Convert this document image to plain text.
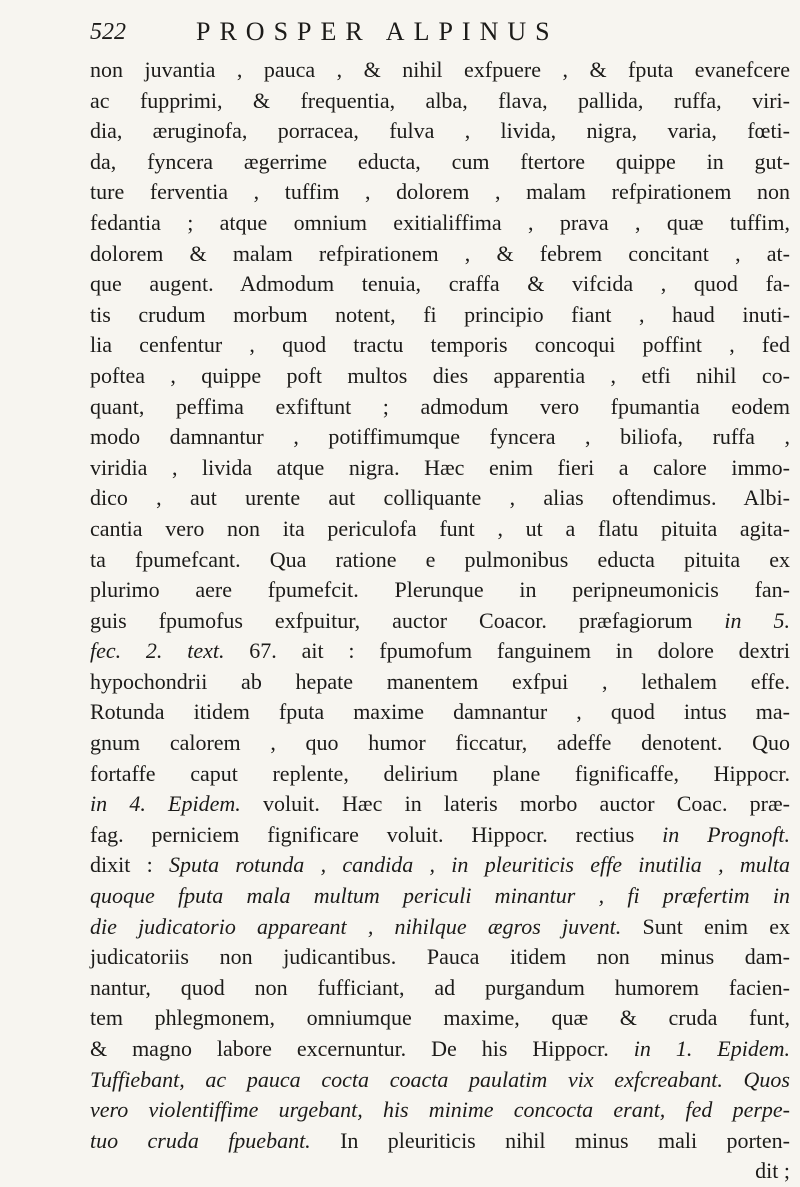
522	PROSPER ALPINUS
non juvantia , pauca , & nihil exfpuere , & fputa evanefcere
ac fupprimi, & frequentia, alba, flava, pallida, ruffa, viri-
dia, æruginofa, porracea, fulva , livida, nigra, varia, fœti-
da, fyncera ægerrime educta, cum ftertore quippe in gut-
ture ferventia , tuffim , dolorem , malam refpirationem non
fedantia ; atque omnium exitialiffima , prava , quæ tuffim,
dolorem & malam refpirationem , & febrem concitant , at-
que augent. Admodum tenuia, craffa & vifcida , quod fa-
tis crudum morbum notent, fi principio fiant , haud inuti-
lia cenfentur , quod tractu temporis concoqui poffint , fed
poftea , quippe poft multos dies apparentia , etfi nihil co-
quant, peffima exfiftunt ; admodum vero fpumantia eodem
modo damnantur , potiffimumque fyncera , biliofa, ruffa ,
viridia , livida atque nigra. Hæc enim fieri a calore immo-
dico , aut urente aut colliquante , alias oftendimus. Albi-
cantia vero non ita periculofa funt , ut a flatu pituita agita-
ta fpumefcant. Qua ratione e pulmonibus educta pituita ex
plurimo aere fpumefcit. Plerunque in peripneumonicis fan-
guis fpumofus exfpuitur, auctor Coacor. præfagiorum in 5.
fec. 2. text. 67. ait : fpumofum fanguinem in dolore dextri
hypochondrii ab hepate manentem exfpui , lethalem effe.
Rotunda itidem fputa maxime damnantur , quod intus ma-
gnum calorem , quo humor ficcatur, adeffe denotent. Quo
fortaffe caput replente, delirium plane fignificaffe, Hippocr.
in 4. Epidem. voluit. Hæc in lateris morbo auctor Coac. præ-
fag. perniciem fignificare voluit. Hippocr. rectius in Prognoft.
dixit : Sputa rotunda , candida , in pleuriticis effe inutilia , multa
quoque fputa mala multum periculi minantur , fi præfertim in
die judicatorio appareant , nihilque ægros juvent. Sunt enim ex
judicatoriis non judicantibus. Pauca itidem non minus dam-
nantur, quod non fufficiant, ad purgandum humorem facien-
tem phlegmonem, omniumque maxime, quæ & cruda funt,
& magno labore excernuntur. De his Hippocr. in 1. Epidem.
Tuffiebant, ac pauca cocta coacta paulatim vix exfcreabant. Quos
vero violentiffime urgebant, his minime concocta erant, fed perpe-
tuo cruda fpuebant. In pleuriticis nihil minus mali porten-
dit ;
